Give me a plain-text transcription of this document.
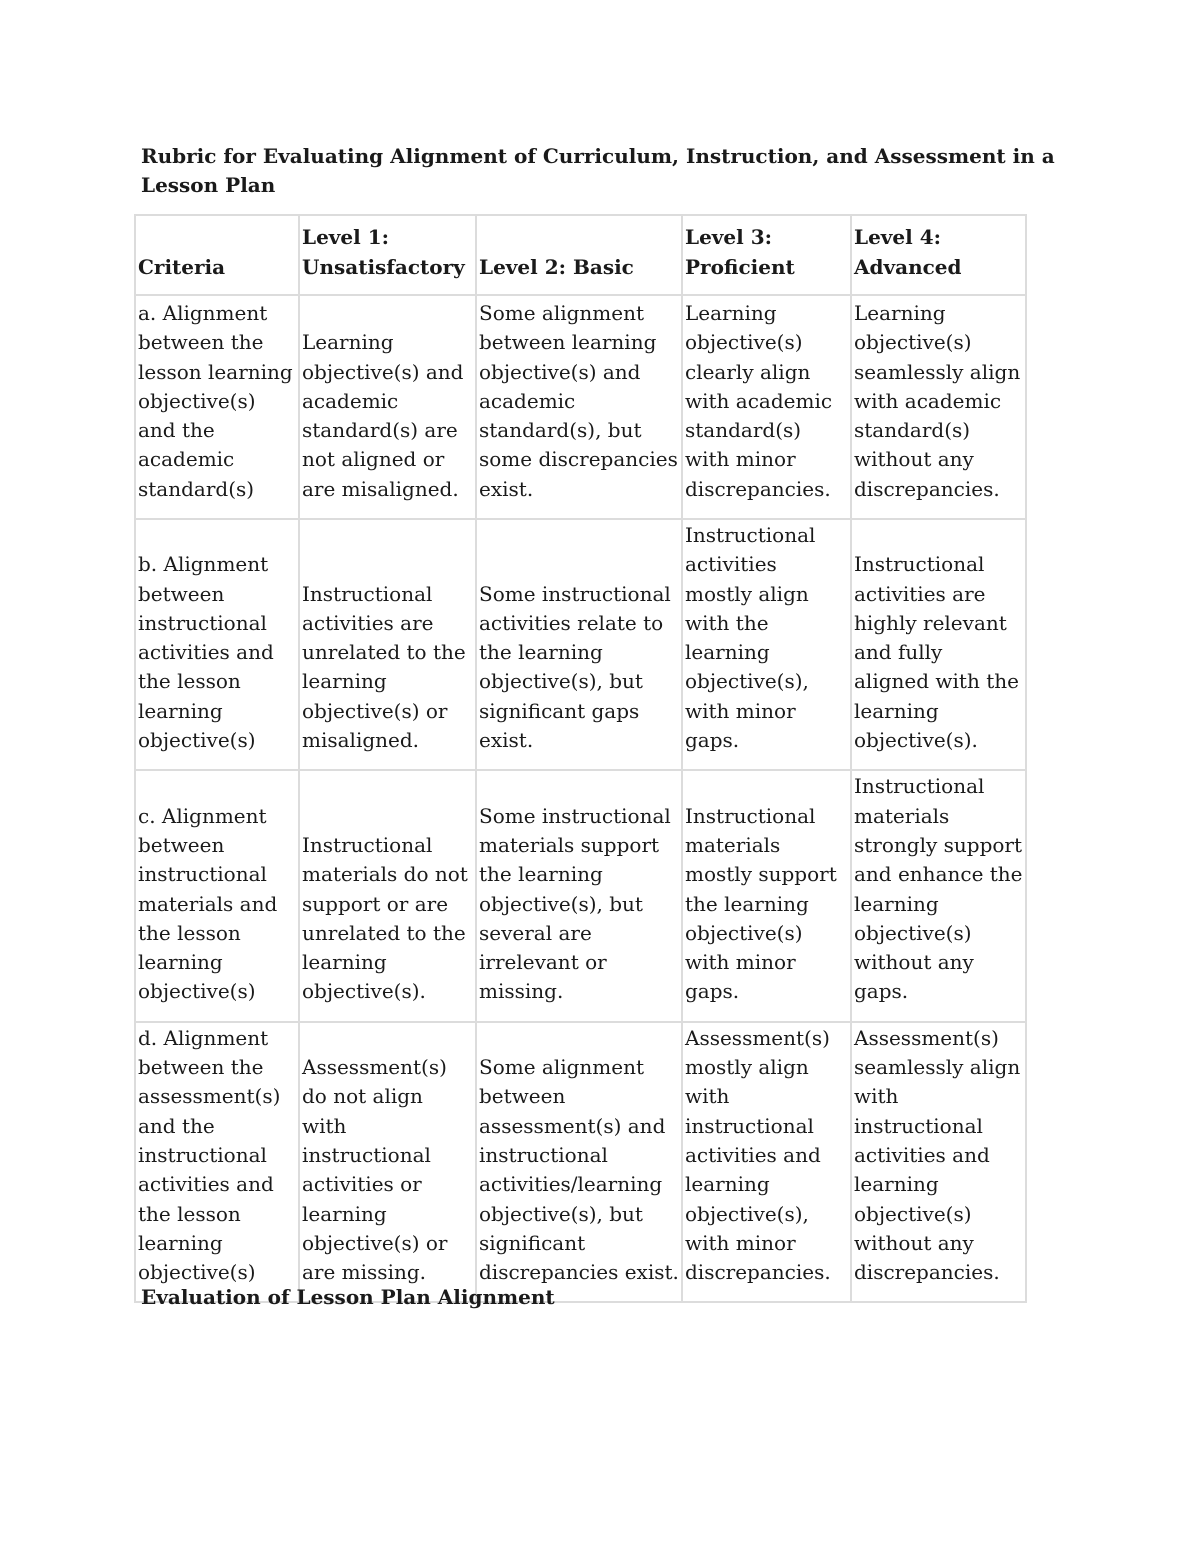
Rubric for Evaluating Alignment of Curriculum, Instruction, and Assessment in a Lesson Plan
Criteria	Level 1: Unsatisfactory	Level 2: Basic	Level 3: Proficient	Level 4: Advanced
a. Alignment between the lesson learning objective(s) and the academic standard(s)	Learning objective(s) and academic standard(s) are not aligned or are misaligned.	Some alignment between learning objective(s) and academic standard(s), but some discrepancies exist.	Learning objective(s) clearly align with academic standard(s) with minor discrepancies.	Learning objective(s) seamlessly align with academic standard(s) without any discrepancies.
b. Alignment between instructional activities and the lesson learning objective(s)	Instructional activities are unrelated to the learning objective(s) or misaligned.	Some instructional activities relate to the learning objective(s), but significant gaps exist.	Instructional activities mostly align with the learning objective(s), with minor gaps.	Instructional activities are highly relevant and fully aligned with the learning objective(s).
c. Alignment between instructional materials and the lesson learning objective(s)	Instructional materials do not support or are unrelated to the learning objective(s).	Some instructional materials support the learning objective(s), but several are irrelevant or missing.	Instructional materials mostly support the learning objective(s) with minor gaps.	Instructional materials strongly support and enhance the learning objective(s) without any gaps.
d. Alignment between the assessment(s) and the instructional activities and the lesson learning objective(s)	Assessment(s) do not align with instructional activities or learning objective(s) or are missing.	Some alignment between assessment(s) and instructional activities/learning objective(s), but significant discrepancies exist.	Assessment(s) mostly align with instructional activities and learning objective(s), with minor discrepancies.	Assessment(s) seamlessly align with instructional activities and learning objective(s) without any discrepancies.
Evaluation of Lesson Plan Alignment
